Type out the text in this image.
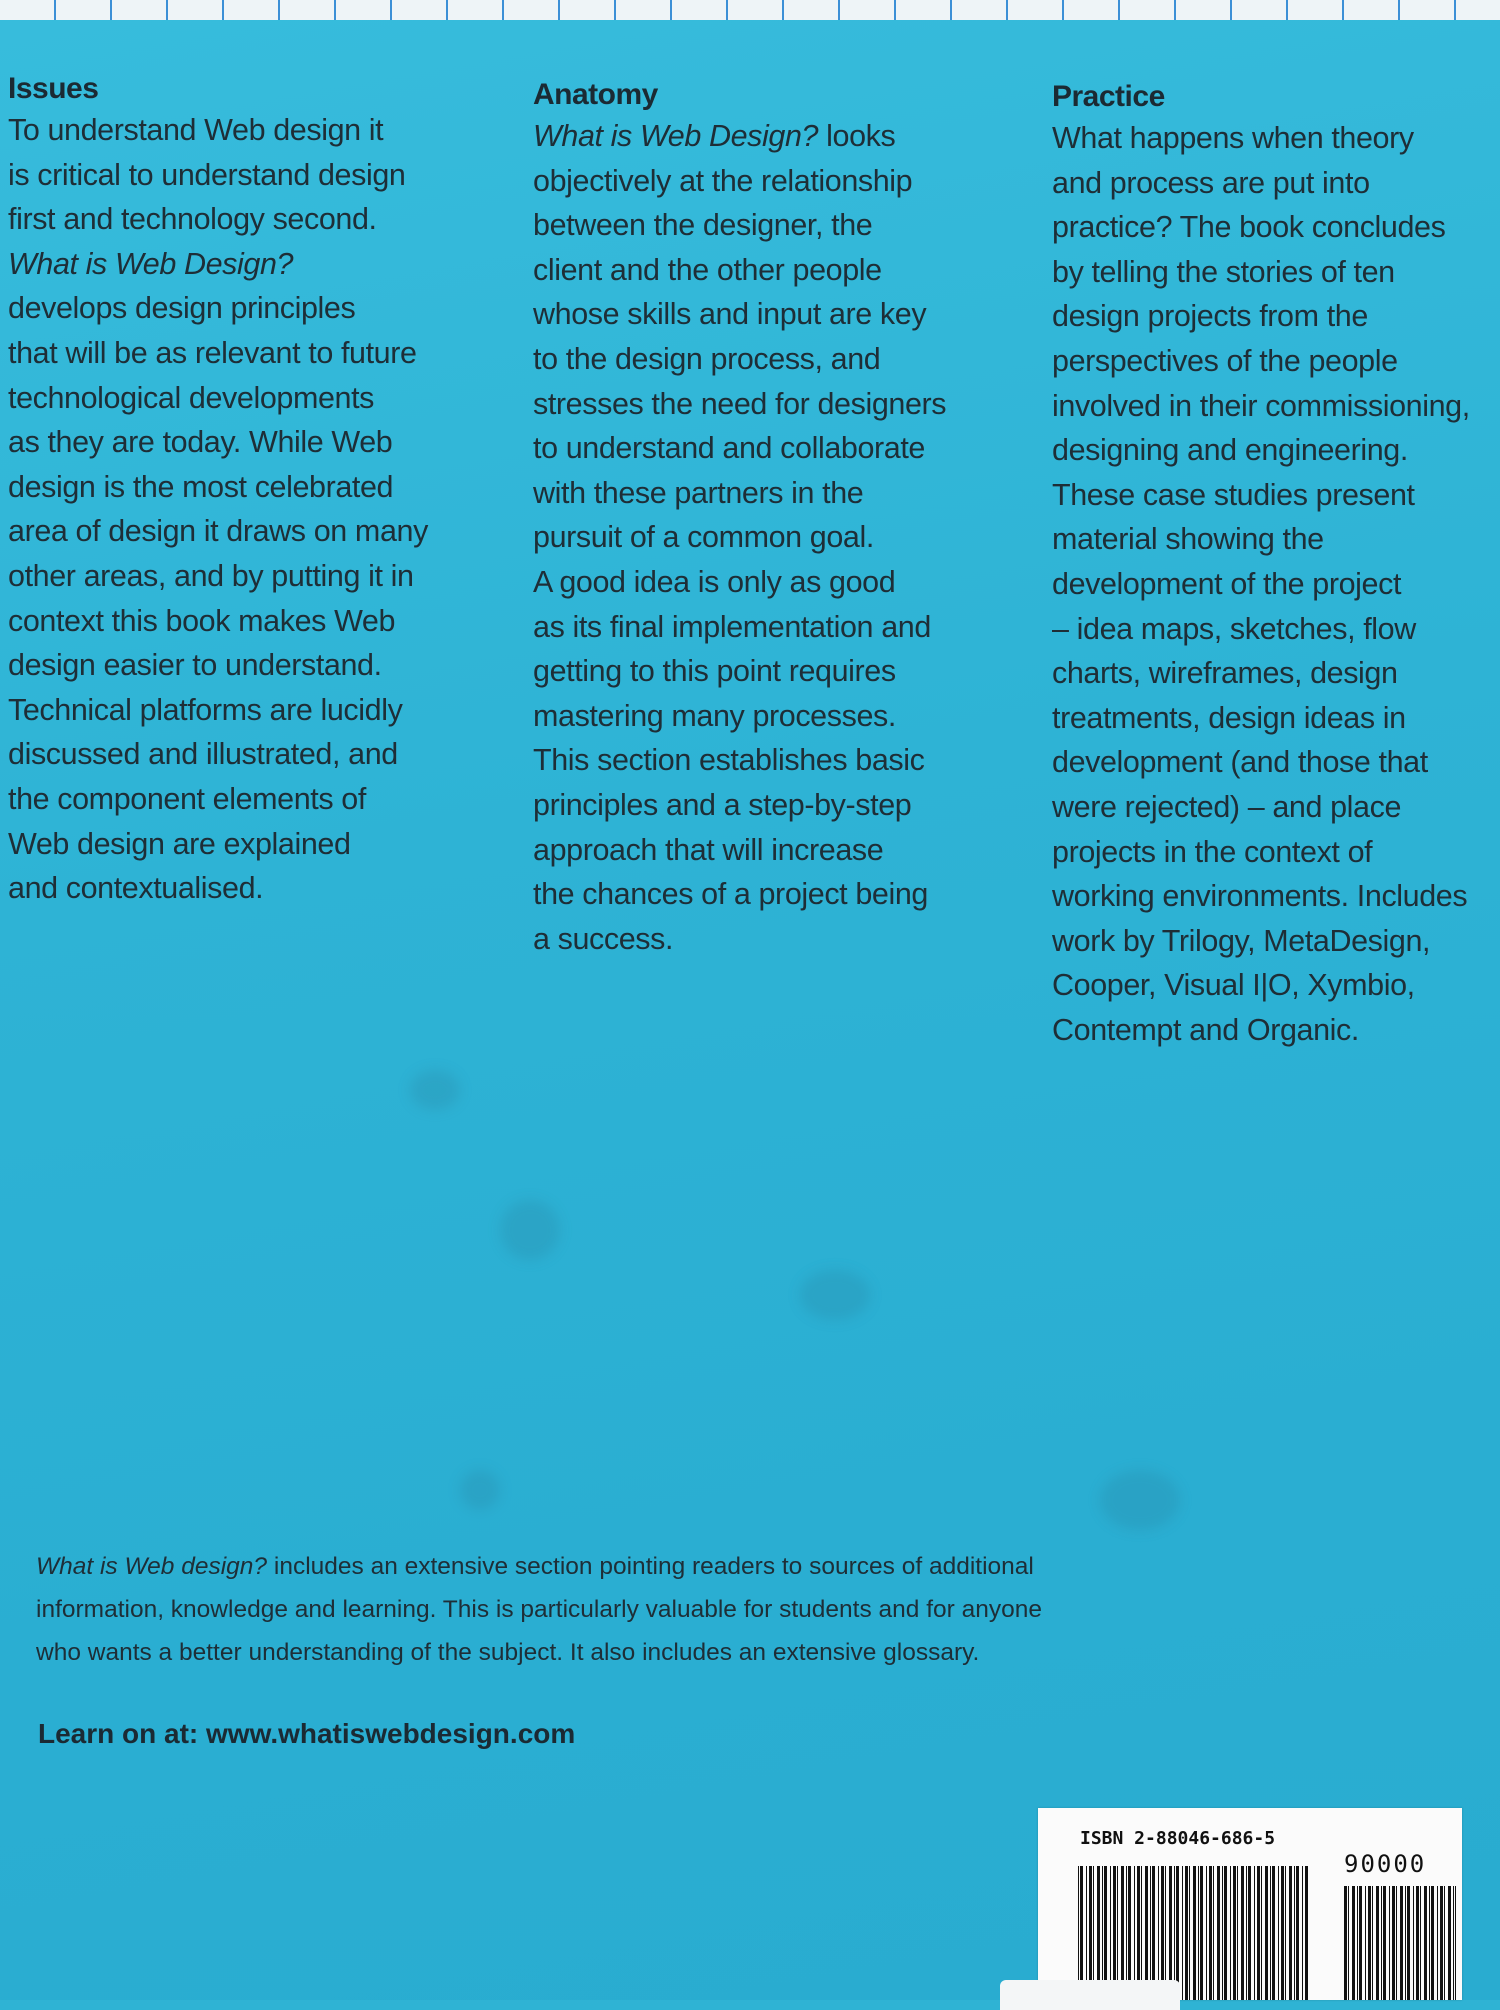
Issues

To understand Web design it
is critical to understand design
first and technology second.
What is Web Design?
develops design principles
that will be as relevant to future
technological developments
as they are today. While Web
design is the most celebrated
area of design it draws on many
other areas, and by putting it in
context this book makes Web
design easier to understand.
Technical platforms are lucidly
discussed and illustrated, and
the component elements of
Web design are explained
and contextualised.

Anatomy

What is Web Design? looks
objectively at the relationship
between the designer, the
client and the other people
whose skills and input are key
to the design process, and
stresses the need for designers
to understand and collaborate
with these partners in the
pursuit of a common goal.
A good idea is only as good
as its final implementation and
getting to this point requires
mastering many processes.
This section establishes basic
principles and a step-by-step
approach that will increase
the chances of a project being
a success.

Practice

What happens when theory
and process are put into
practice? The book concludes
by telling the stories of ten
design projects from the
perspectives of the people
involved in their commissioning,
designing and engineering.
These case studies present
material showing the
development of the project
– idea maps, sketches, flow
charts, wireframes, design
treatments, design ideas in
development (and those that
were rejected) – and place
projects in the context of
working environments. Includes
work by Trilogy, MetaDesign,
Cooper, Visual I|O, Xymbio,
Contempt and Organic.

What is Web design? includes an extensive section pointing readers to sources of additional
information, knowledge and learning. This is particularly valuable for students and for anyone
who wants a better understanding of the subject. It also includes an extensive glossary.
Learn on at: www.whatiswebdesign.com
ISBN 2-88046-686-5
90000
